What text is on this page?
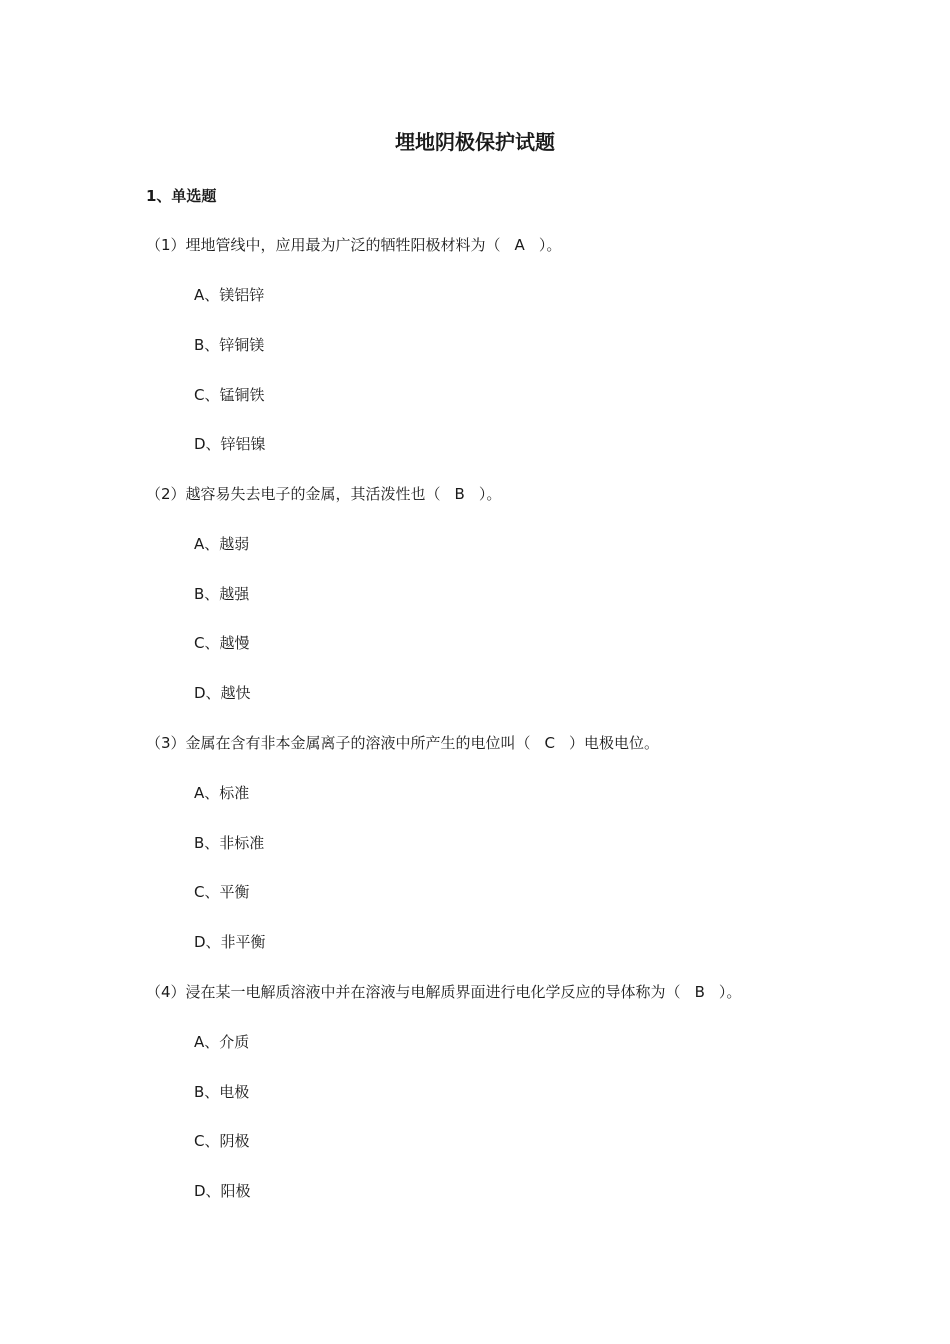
埋地阴极保护试题
1、单选题
（1）埋地管线中，应用最为广泛的牺牲阳极材料为（ A ）。
A、镁铝锌
B、锌铜镁
C、锰铜铁
D、锌铝镍
（2）越容易失去电子的金属，其活泼性也（ B ）。
A、越弱
B、越强
C、越慢
D、越快
（3）金属在含有非本金属离子的溶液中所产生的电位叫（ C ）电极电位。
A、标准
B、非标准
C、平衡
D、非平衡
（4）浸在某一电解质溶液中并在溶液与电解质界面进行电化学反应的导体称为（ B ）。
A、介质
B、电极
C、阴极
D、阳极
